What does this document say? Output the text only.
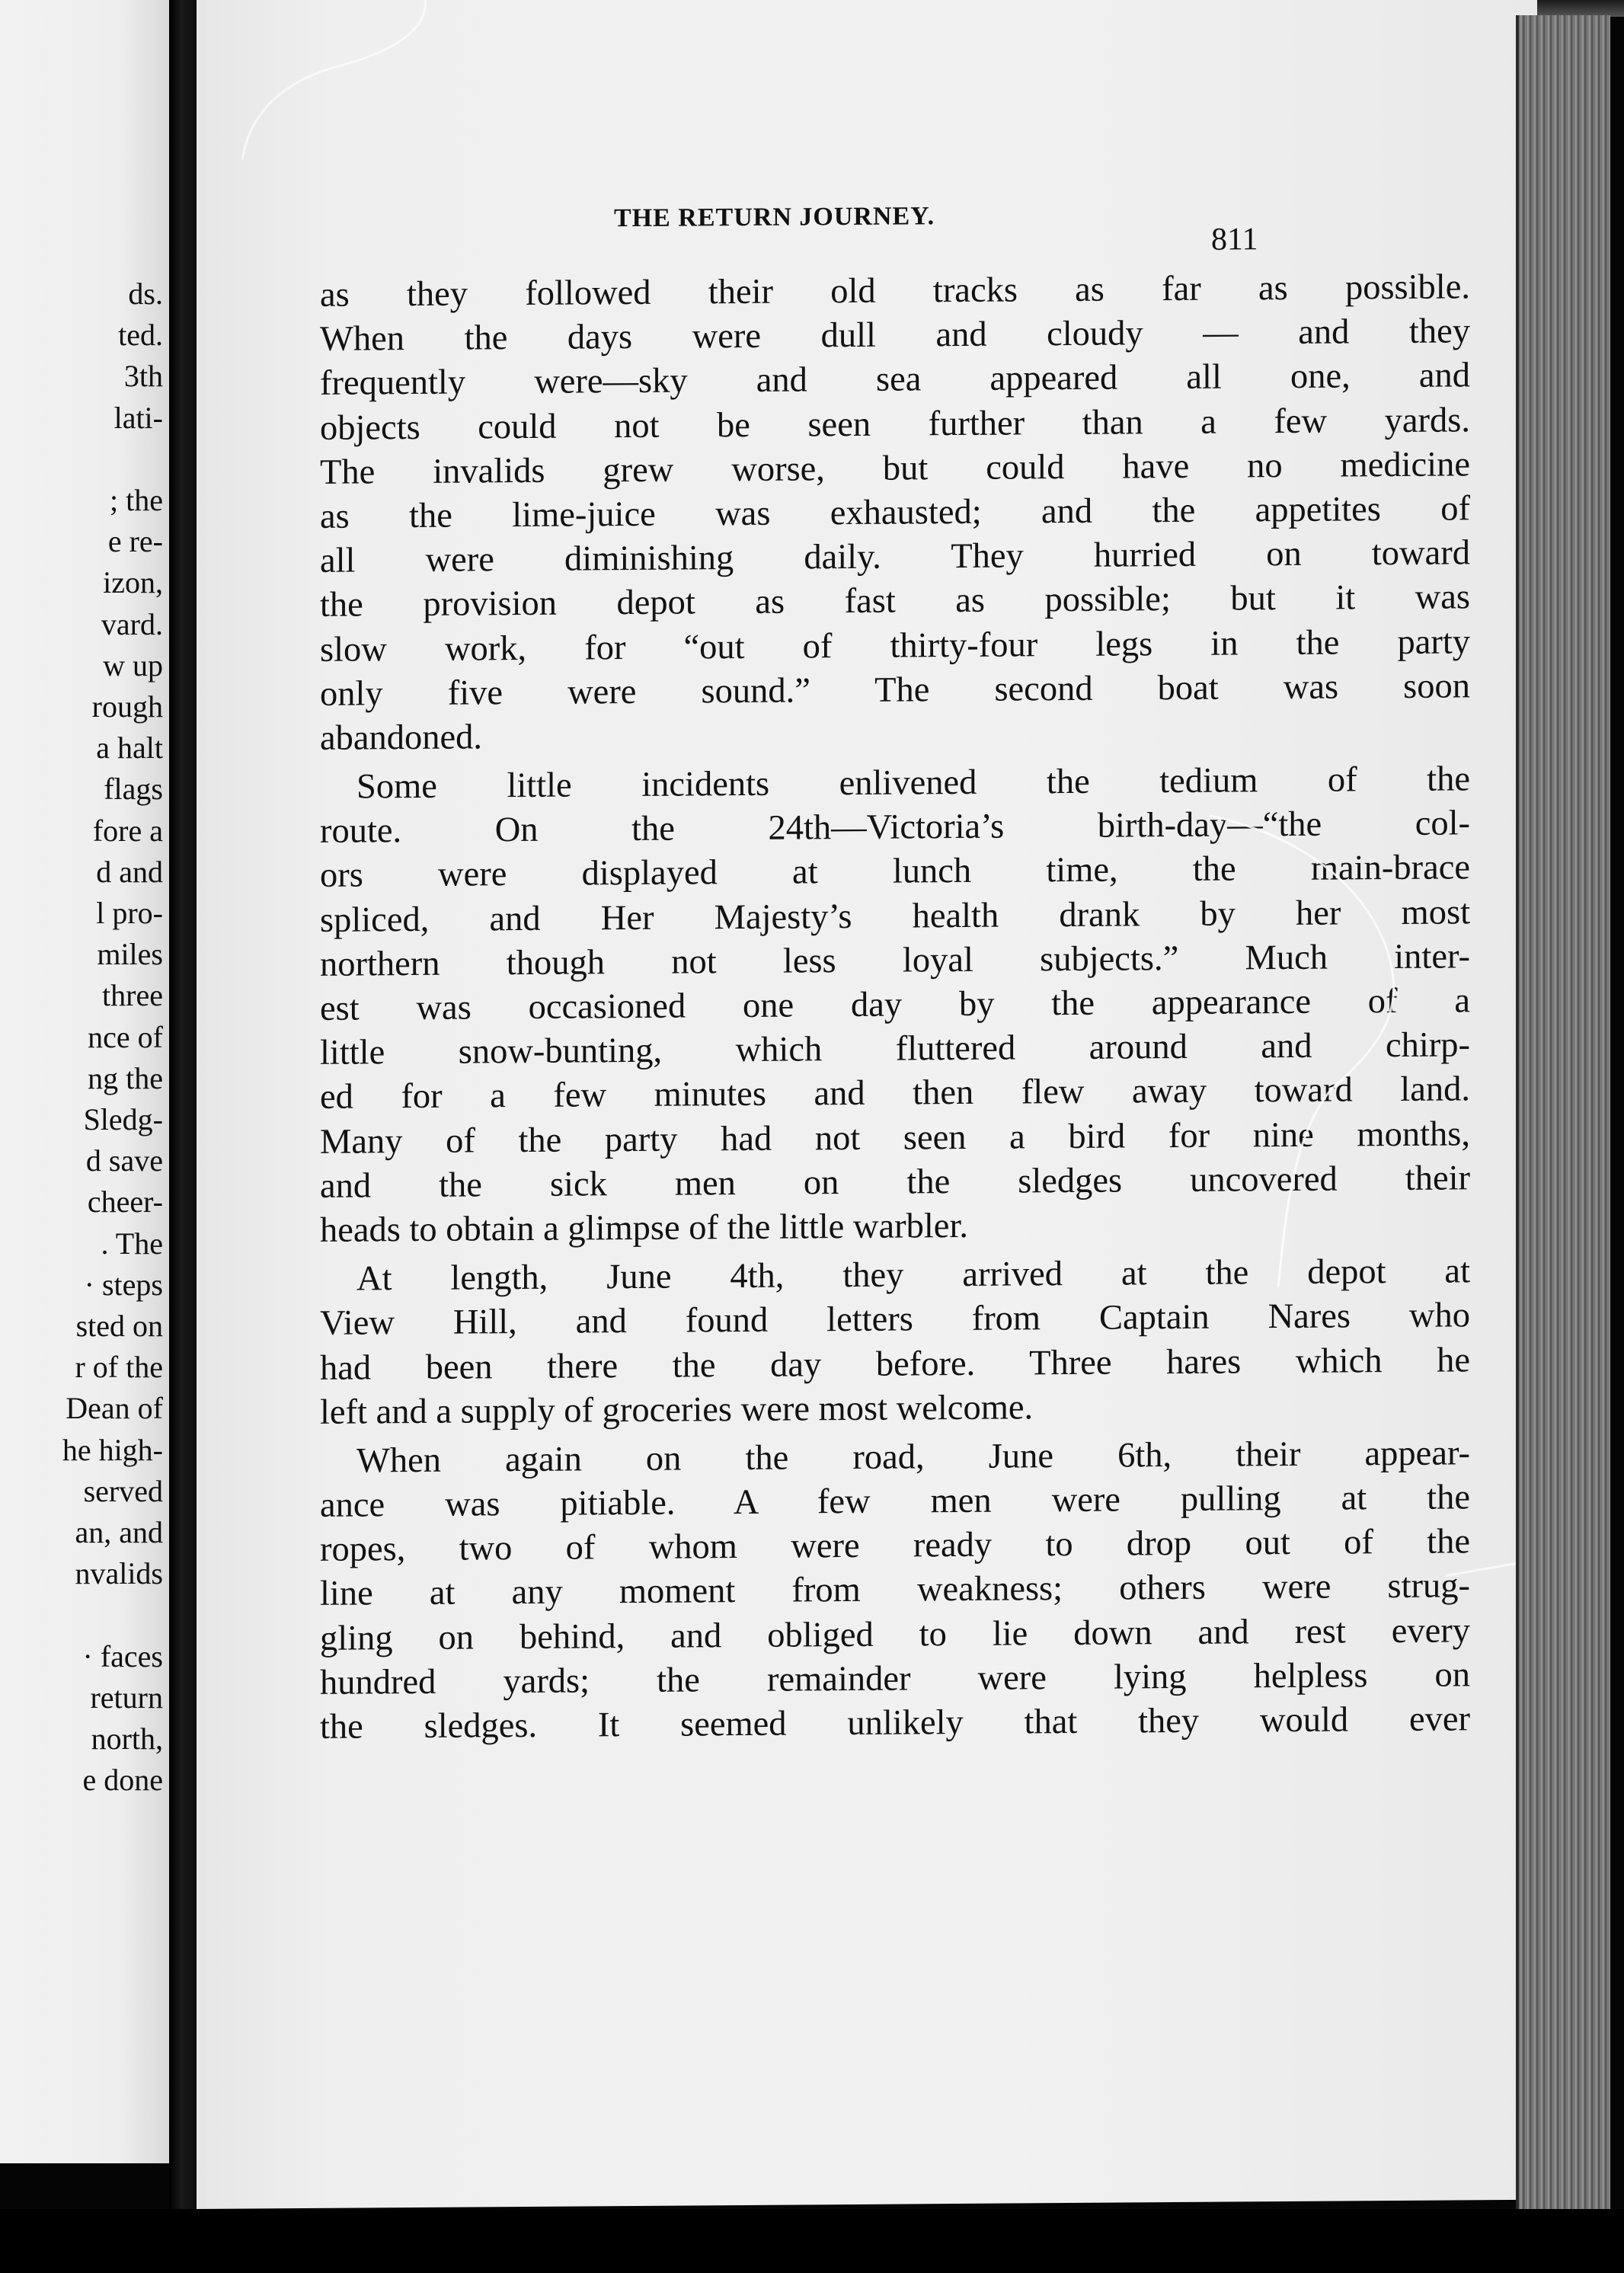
ds.
ted.
3th
lati-
; the
e re-
izon,
vard.
w up
rough
a halt
flags
fore a
d and
l pro-
miles
three
nce of
ng the
Sledg-
d save
cheer-
. The
· steps
sted on
r of the
Dean of
he high-
served
an, and
nvalids
· faces
return
north,
e done
THE RETURN JOURNEY.
811
as they followed their old tracks as far as possible.
When the days were dull and cloudy — and they
frequently were—sky and sea appeared all one, and
objects could not be seen further than a few yards.
The invalids grew worse, but could have no medicine
as the lime-juice was exhausted; and the appetites of
all were diminishing daily. They hurried on toward
the provision depot as fast as possible; but it was
slow work, for “out of thirty-four legs in the party
only five were sound.” The second boat was soon
abandoned.
Some little incidents enlivened the tedium of the
route. On the 24th—Victoria’s birth-day—“the col-
ors were displayed at lunch time, the main-brace
spliced, and Her Majesty’s health drank by her most
northern though not less loyal subjects.” Much inter-
est was occasioned one day by the appearance of a
little snow-bunting, which fluttered around and chirp-
ed for a few minutes and then flew away toward land.
Many of the party had not seen a bird for nine months,
and the sick men on the sledges uncovered their
heads to obtain a glimpse of the little warbler.
At length, June 4th, they arrived at the depot at
View Hill, and found letters from Captain Nares who
had been there the day before. Three hares which he
left and a supply of groceries were most welcome.
When again on the road, June 6th, their appear-
ance was pitiable. A few men were pulling at the
ropes, two of whom were ready to drop out of the
line at any moment from weakness; others were strug-
gling on behind, and obliged to lie down and rest every
hundred yards; the remainder were lying helpless on
the sledges. It seemed unlikely that they would ever
